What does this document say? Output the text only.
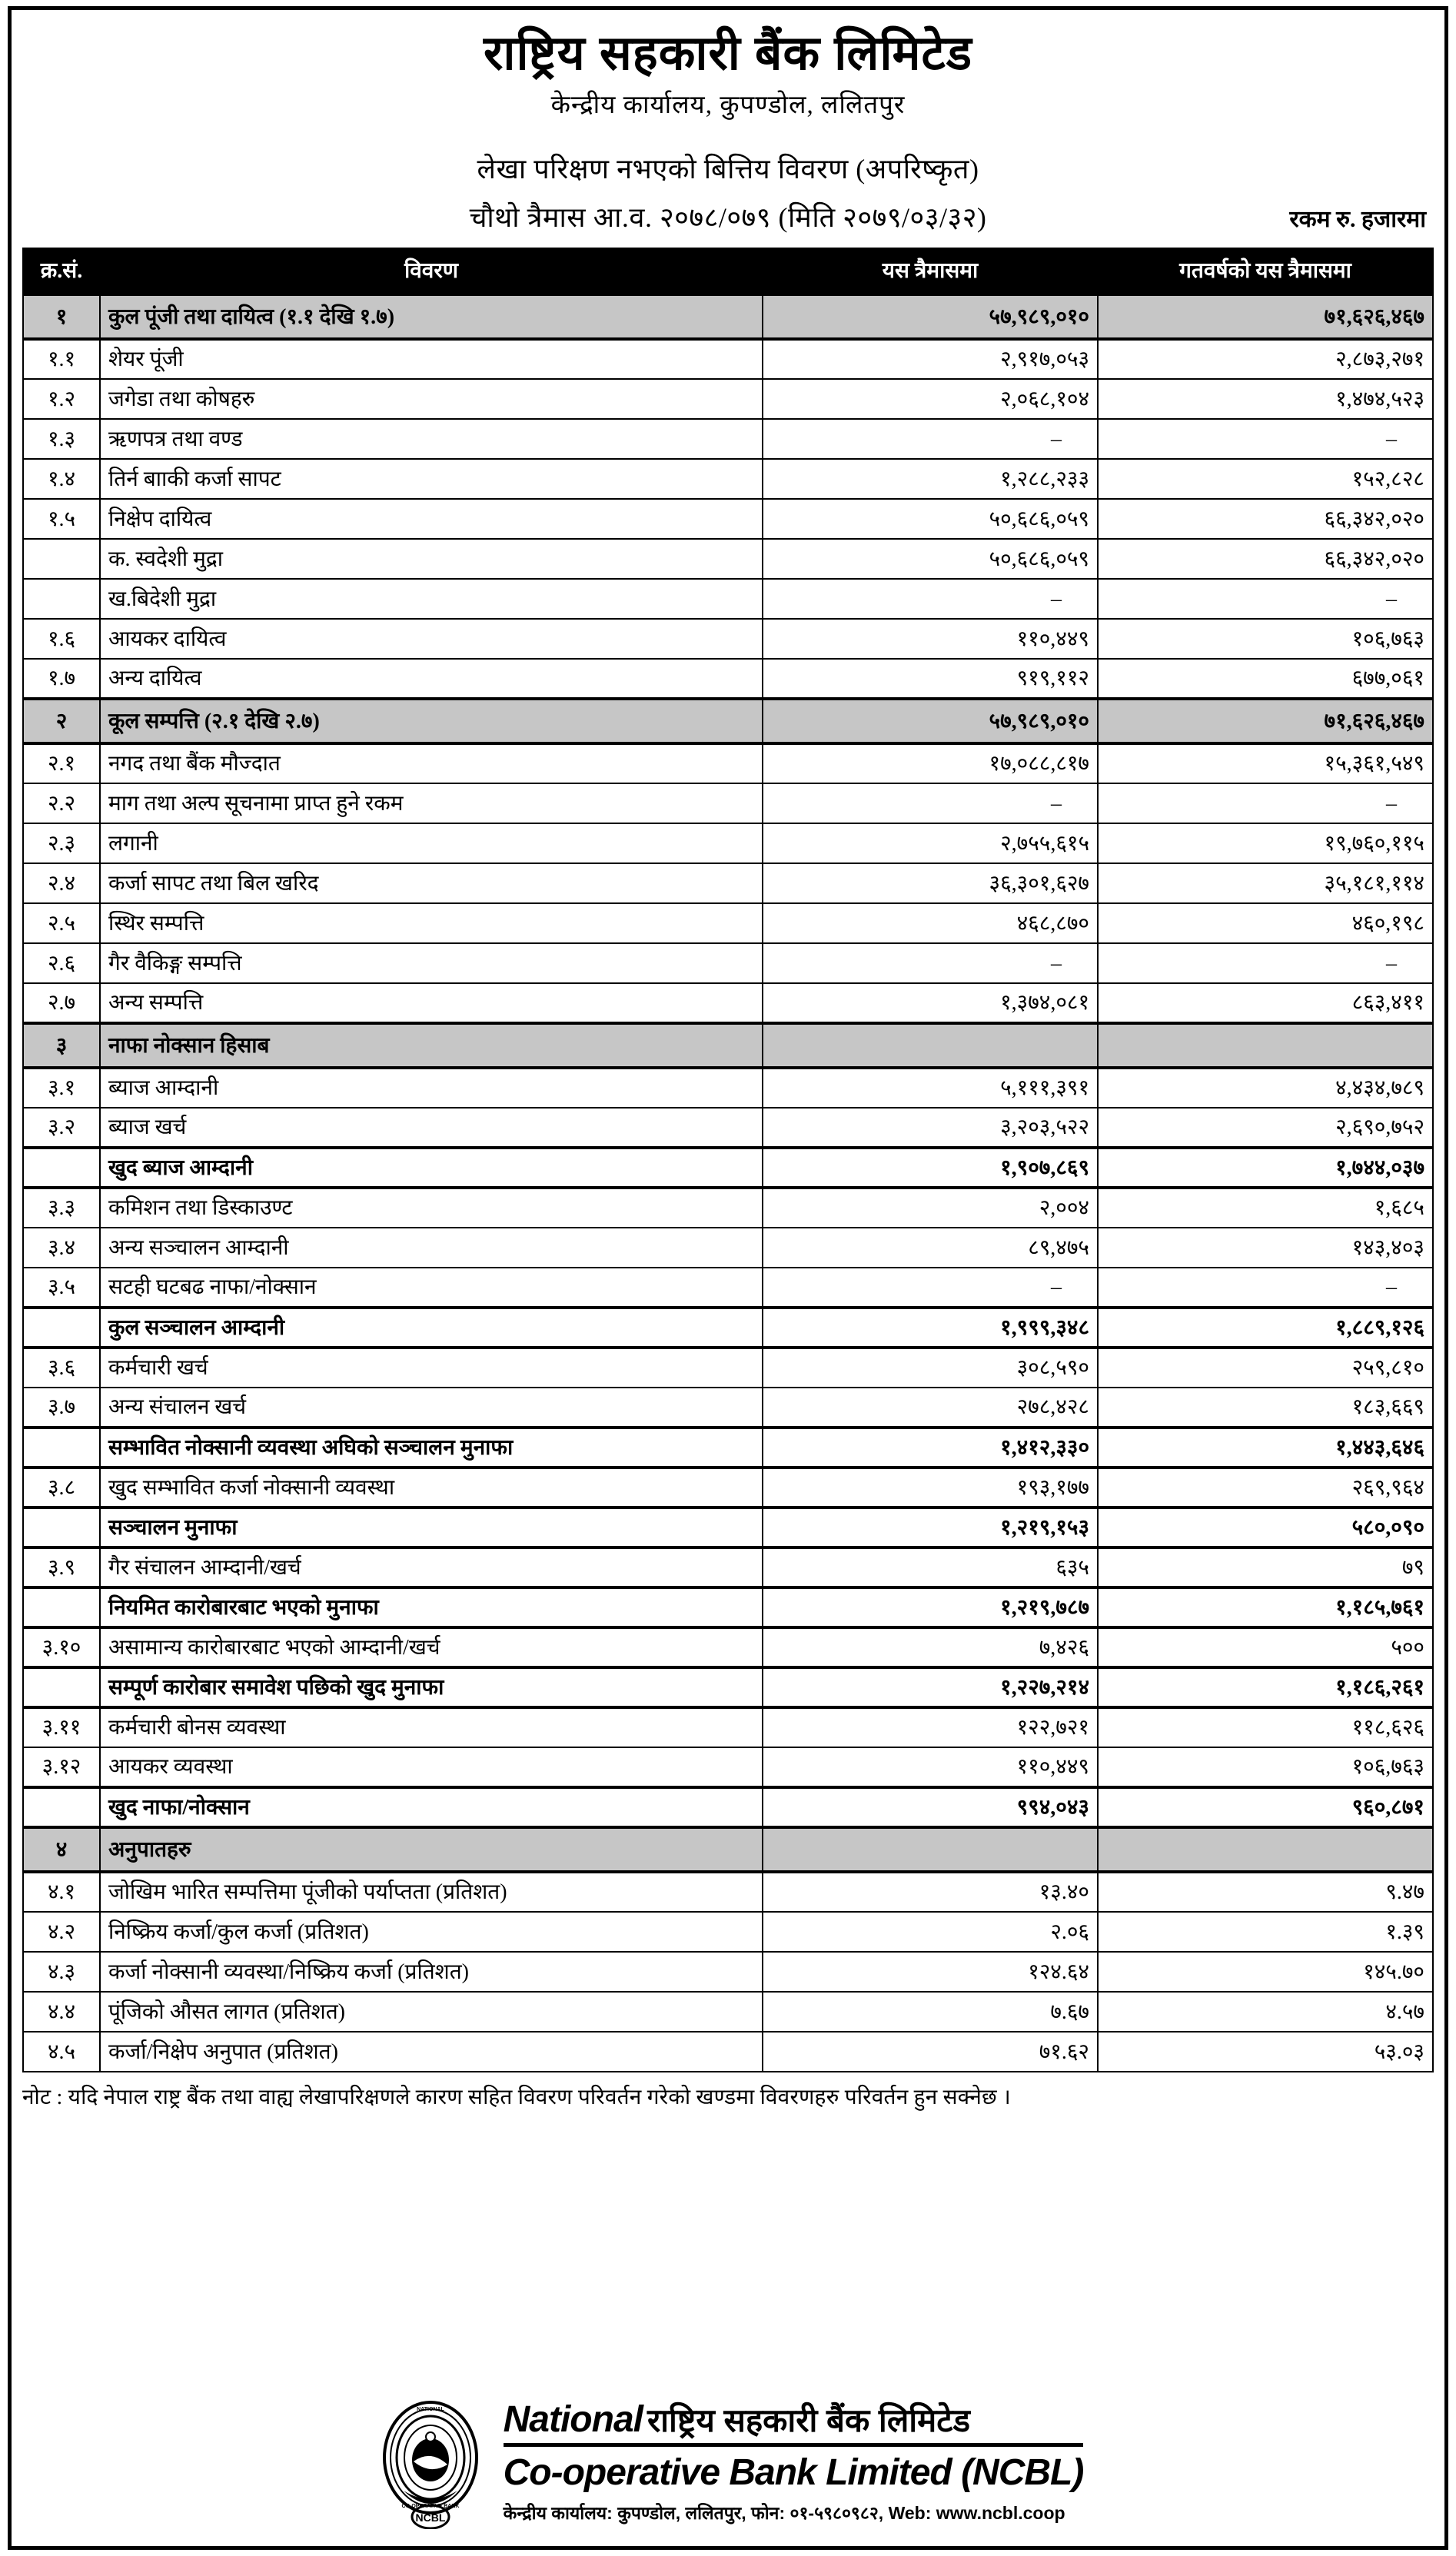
राष्ट्रिय सहकारी बैंक लिमिटेड
केन्द्रीय कार्यालय, कुपण्डोल, ललितपुर
लेखा परिक्षण नभएको बित्तिय विवरण (अपरिष्कृत)
चौथो त्रैमास आ.व. २०७८/०७९ (मिति २०७९/०३/३२)	रकम रु. हजारमा
क्र.सं.	विवरण	यस त्रैमासमा	गतवर्षको यस त्रैमासमा
१	कुल पूंजी तथा दायित्व (१.१ देखि १.७)	५७,९८९,०१०	७१,६२६,४६७
१.१	शेयर पूंजी	२,९१७,०५३	२,८७३,२७१
१.२	जगेडा तथा कोषहरु	२,०६८,१०४	१,४७४,५२३
१.३	ऋणपत्र तथा वण्ड	–	–
१.४	तिर्न बााकी कर्जा सापट	१,२८८,२३३	१५२,८२८
१.५	निक्षेप दायित्व	५०,६८६,०५९	६६,३४२,०२०
	क. स्वदेशी मुद्रा	५०,६८६,०५९	६६,३४२,०२०
	ख.बिदेशी मुद्रा	–	–
१.६	आयकर दायित्व	११०,४४९	१०६,७६३
१.७	अन्य दायित्व	९१९,११२	६७७,०६१
२	कूल सम्पत्ति (२.१ देखि २.७)	५७,९८९,०१०	७१,६२६,४६७
२.१	नगद तथा बैंक मौज्दात	१७,०८८,८१७	१५,३६१,५४९
२.२	माग तथा अल्प सूचनामा प्राप्त हुने रकम	–	–
२.३	लगानी	२,७५५,६१५	१९,७६०,११५
२.४	कर्जा सापट तथा बिल खरिद	३६,३०१,६२७	३५,१८१,११४
२.५	स्थिर सम्पत्ति	४६८,८७०	४६०,१९८
२.६	गैर वैकिङ्ग सम्पत्ति	–	–
२.७	अन्य सम्पत्ति	१,३७४,०८१	८६३,४११
३	नाफा नोक्सान हिसाब		
३.१	ब्याज आम्दानी	५,१११,३९१	४,४३४,७८९
३.२	ब्याज खर्च	३,२०३,५२२	२,६९०,७५२
	खुद ब्याज आम्दानी	१,९०७,८६९	१,७४४,०३७
३.३	कमिशन तथा डिस्काउण्ट	२,००४	१,६८५
३.४	अन्य सञ्चालन आम्दानी	८९,४७५	१४३,४०३
३.५	सटही घटबढ नाफा/नोक्सान	–	–
	कुल सञ्चालन आम्दानी	१,९९९,३४८	१,८८९,१२६
३.६	कर्मचारी खर्च	३०८,५९०	२५९,८१०
३.७	अन्य संचालन खर्च	२७८,४२८	१८३,६६९
	सम्भावित नोक्सानी व्यवस्था अघिको सञ्चालन मुनाफा	१,४१२,३३०	१,४४३,६४६
३.८	खुद सम्भावित कर्जा नोक्सानी व्यवस्था	१९३,१७७	२६९,९६४
	सञ्चालन मुनाफा	१,२१९,१५३	५८०,०९०
३.९	गैर संचालन आम्दानी/खर्च	६३५	७९
	नियमित कारोबारबाट भएको मुनाफा	१,२१९,७८७	१,१८५,७६१
३.१०	असामान्य कारोबारबाट भएको आम्दानी/खर्च	७,४२६	५००
	सम्पूर्ण कारोबार समावेश पछिको खुद मुनाफा	१,२२७,२१४	१,१८६,२६१
३.११	कर्मचारी बोनस व्यवस्था	१२२,७२१	११८,६२६
३.१२	आयकर व्यवस्था	११०,४४९	१०६,७६३
	खुद नाफा/नोक्सान	९९४,०४३	९६०,८७१
४	अनुपातहरु		
४.१	जोखिम भारित सम्पत्तिमा पूंजीको पर्याप्तता (प्रतिशत)	१३.४०	९.४७
४.२	निष्क्रिय कर्जा/कुल कर्जा (प्रतिशत)	२.०६	१.३९
४.३	कर्जा नोक्सानी व्यवस्था/निष्क्रिय कर्जा (प्रतिशत)	१२४.६४	१४५.७०
४.४	पूंजिको औसत लागत (प्रतिशत)	७.६७	४.५७
४.५	कर्जा/निक्षेप अनुपात (प्रतिशत)	७१.६२	५३.०३
नोट : यदि नेपाल राष्ट्र बैंक तथा वाह्य लेखापरिक्षणले कारण सहित विवरण परिवर्तन गरेको खण्डमा विवरणहरु परिवर्तन हुन सक्नेछ ।
NCBL
NATIONAL
CO-OPERATIVE BANK
National राष्ट्रिय सहकारी बैंक लिमिटेड
Co-operative Bank Limited (NCBL)
केन्द्रीय कार्यालय: कुपण्डोल, ललितपुर, फोन: ०१-५९८०९८२, Web: www.ncbl.coop
